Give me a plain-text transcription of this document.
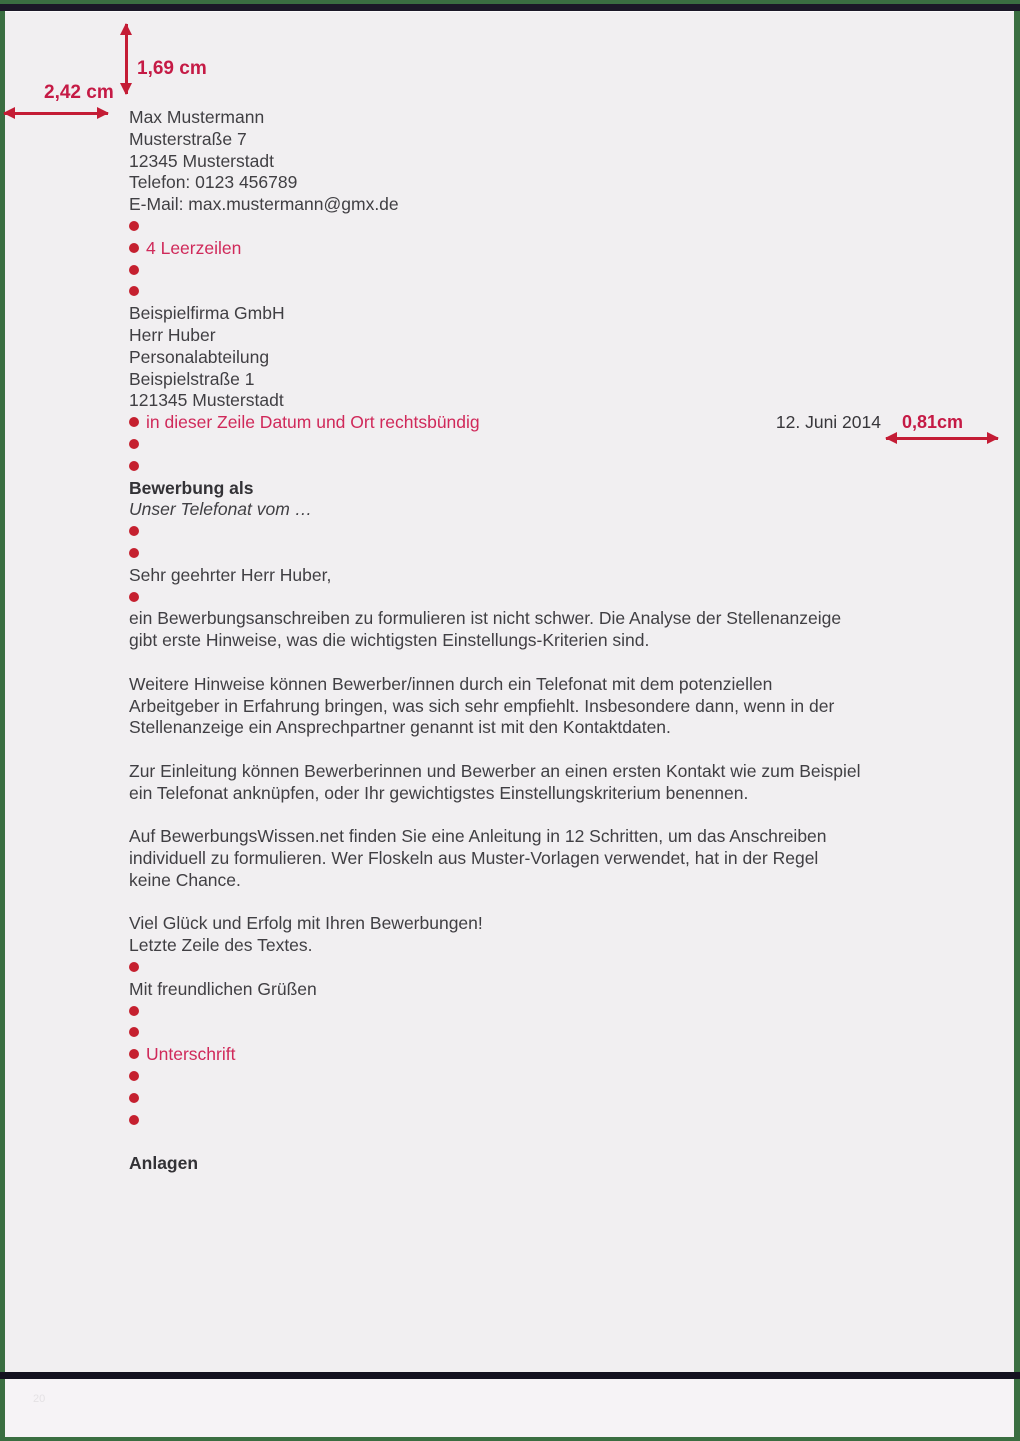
20
1,69 cm
2,42 cm
0,81cm
Max Mustermann
Musterstraße 7
12345 Musterstadt
Telefon: 0123 456789
E-Mail: max.mustermann@gmx.de
4 Leerzeilen
Beispielfirma GmbH
Herr Huber
Personalabteilung
Beispielstraße 1
121345 Musterstadt
in dieser Zeile Datum und Ort rechtsbündig	12. Juni 2014
Bewerbung als
Unser Telefonat vom …
Sehr geehrter Herr Huber,
ein Bewerbungsanschreiben zu formulieren ist nicht schwer. Die Analyse der Stellenanzeige
gibt erste Hinweise, was die wichtigsten Einstellungs-Kriterien sind.
Weitere Hinweise können Bewerber/innen durch ein Telefonat mit dem potenziellen
Arbeitgeber in Erfahrung bringen, was sich sehr empfiehlt. Insbesondere dann, wenn in der
Stellenanzeige ein Ansprechpartner genannt ist mit den Kontaktdaten.
Zur Einleitung können Bewerberinnen und Bewerber an einen ersten Kontakt wie zum Beispiel
ein Telefonat anknüpfen, oder Ihr gewichtigstes Einstellungskriterium benennen.
Auf BewerbungsWissen.net finden Sie eine Anleitung in 12 Schritten, um das Anschreiben
individuell zu formulieren. Wer Floskeln aus Muster-Vorlagen verwendet, hat in der Regel
keine Chance.
Viel Glück und Erfolg mit Ihren Bewerbungen!
Letzte Zeile des Textes.
Mit freundlichen Grüßen
Unterschrift
Anlagen
